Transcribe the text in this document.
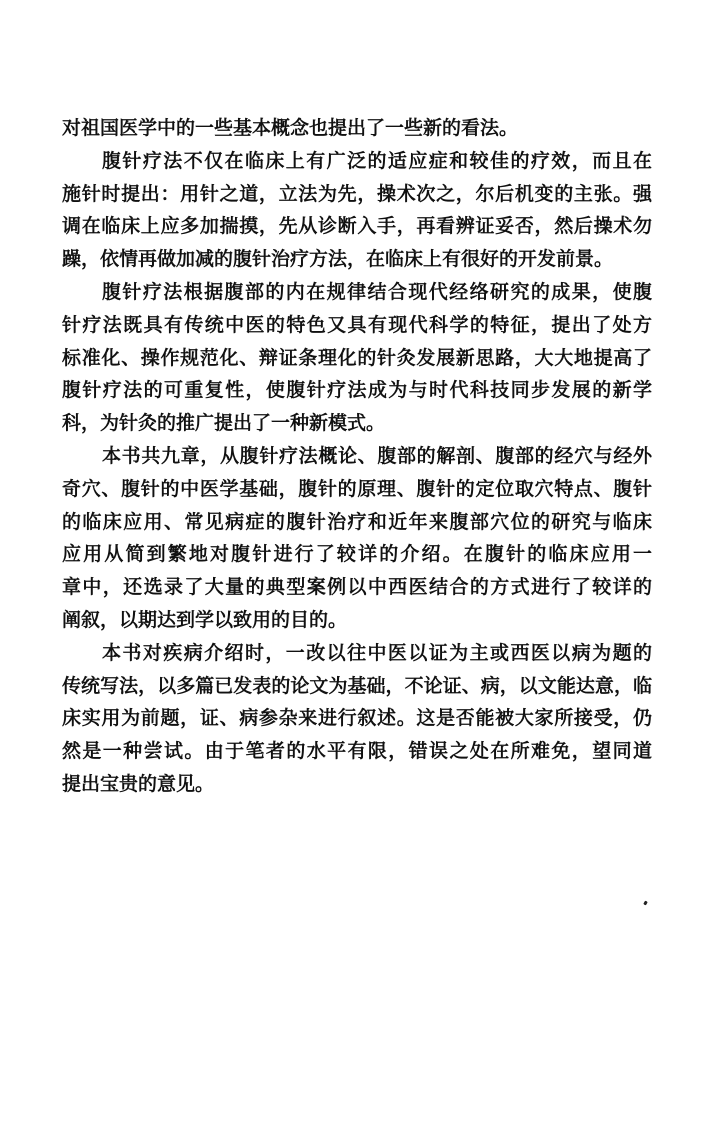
对祖国医学中的一些基本概念也提出了一些新的看法。
腹针疗法不仅在临床上有广泛的适应症和较佳的疗效，而且在
施针时提出：用针之道，立法为先，操术次之，尔后机变的主张。强
调在临床上应多加揣摸，先从诊断入手，再看辨证妥否，然后操术勿
躁，依情再做加减的腹针治疗方法，在临床上有很好的开发前景。
腹针疗法根据腹部的内在规律结合现代经络研究的成果，使腹
针疗法既具有传统中医的特色又具有现代科学的特征，提出了处方
标准化、操作规范化、辩证条理化的针灸发展新思路，大大地提高了
腹针疗法的可重复性，使腹针疗法成为与时代科技同步发展的新学
科，为针灸的推广提出了一种新模式。
本书共九章，从腹针疗法概论、腹部的解剖、腹部的经穴与经外
奇穴、腹针的中医学基础，腹针的原理、腹针的定位取穴特点、腹针
的临床应用、常见病症的腹针治疗和近年来腹部穴位的研究与临床
应用从简到繁地对腹针进行了较详的介绍。在腹针的临床应用一
章中，还选录了大量的典型案例以中西医结合的方式进行了较详的
阐叙，以期达到学以致用的目的。
本书对疾病介绍时，一改以往中医以证为主或西医以病为题的
传统写法，以多篇已发表的论文为基础，不论证、病，以文能达意，临
床实用为前题，证、病参杂来进行叙述。这是否能被大家所接受，仍
然是一种尝试。由于笔者的水平有限，错误之处在所难免，望同道
提出宝贵的意见。
